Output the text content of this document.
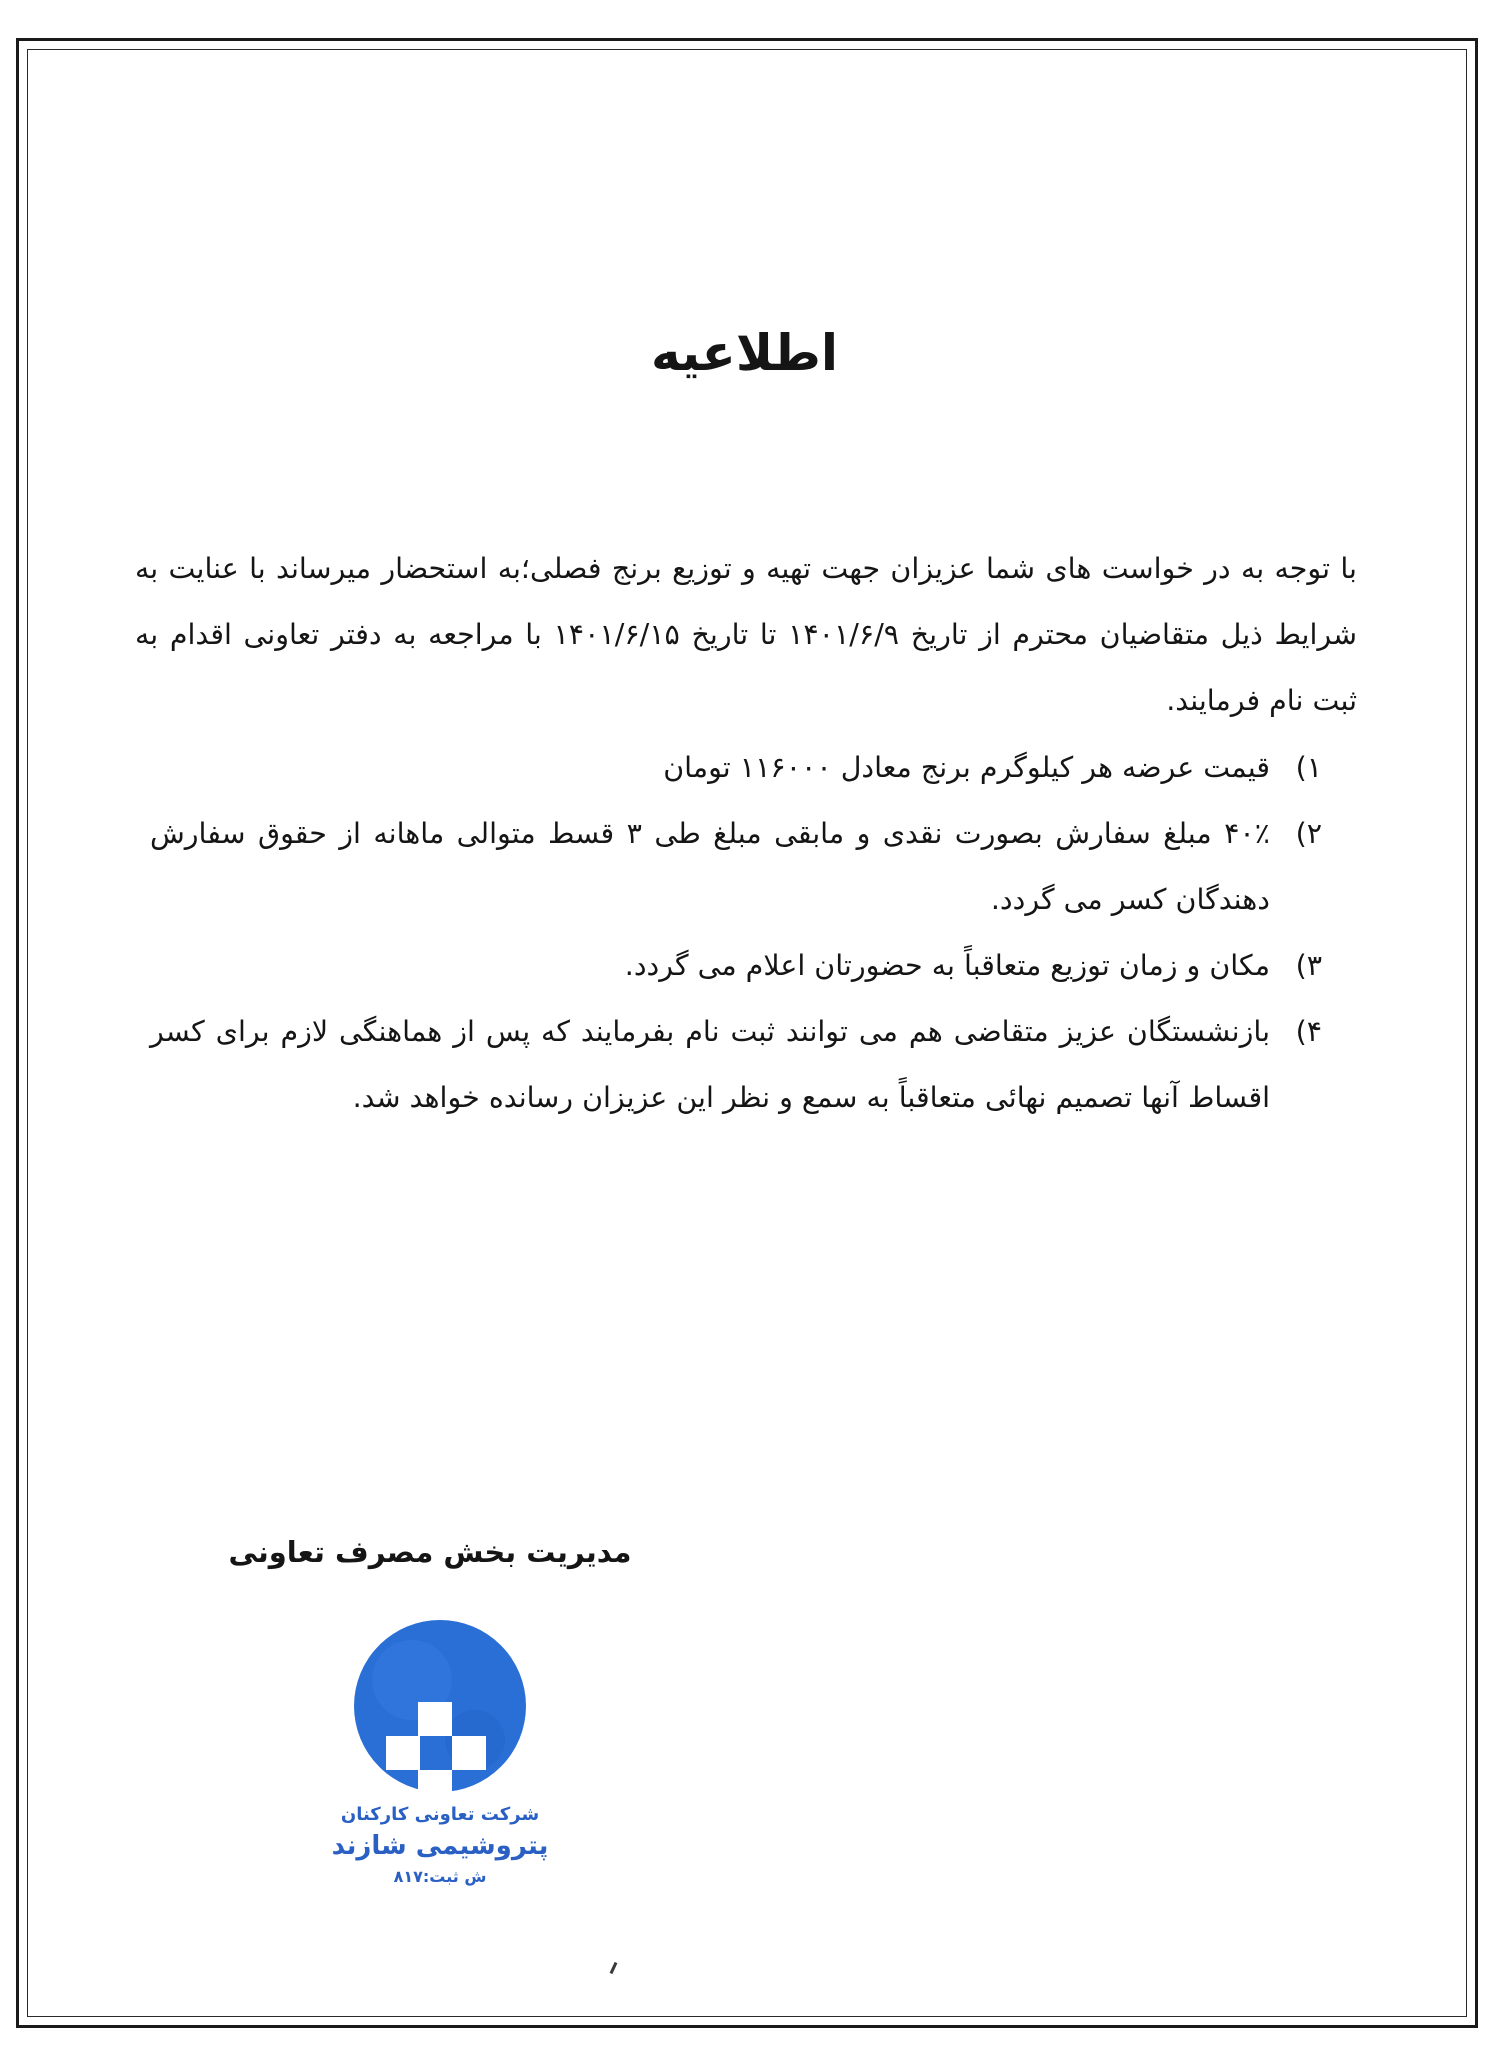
اطلاعیه

با توجه به در خواست های شما عزیزان جهت تهیه و توزیع برنج فصلی؛به استحضار میرساند با عنایت به شرایط ذیل متقاضیان محترم از تاریخ ۱۴۰۱/۶/۹ تا تاریخ ۱۴۰۱/۶/۱۵ با مراجعه به دفتر تعاونی اقدام به ثبت نام فرمایند.

۱)
قیمت عرضه هر کیلوگرم برنج معادل ۱۱۶۰۰۰ تومان
۲)
۴۰٪ مبلغ سفارش بصورت نقدی و مابقی مبلغ طی ۳ قسط متوالی ماهانه از حقوق سفارش دهندگان کسر می گردد.
۳)
مکان و زمان توزیع متعاقباً به حضورتان اعلام می گردد.
۴)
بازنشستگان عزیز متقاضی هم می توانند ثبت نام بفرمایند که پس از هماهنگی لازم برای کسر اقساط آنها تصمیم نهائی متعاقباً به سمع و نظر این عزیزان رسانده خواهد شد.

مدیریت بخش مصرف تعاونی

شرکت تعاونی کارکنان
پتروشیمی شازند
ش ثبت:۸۱۷
